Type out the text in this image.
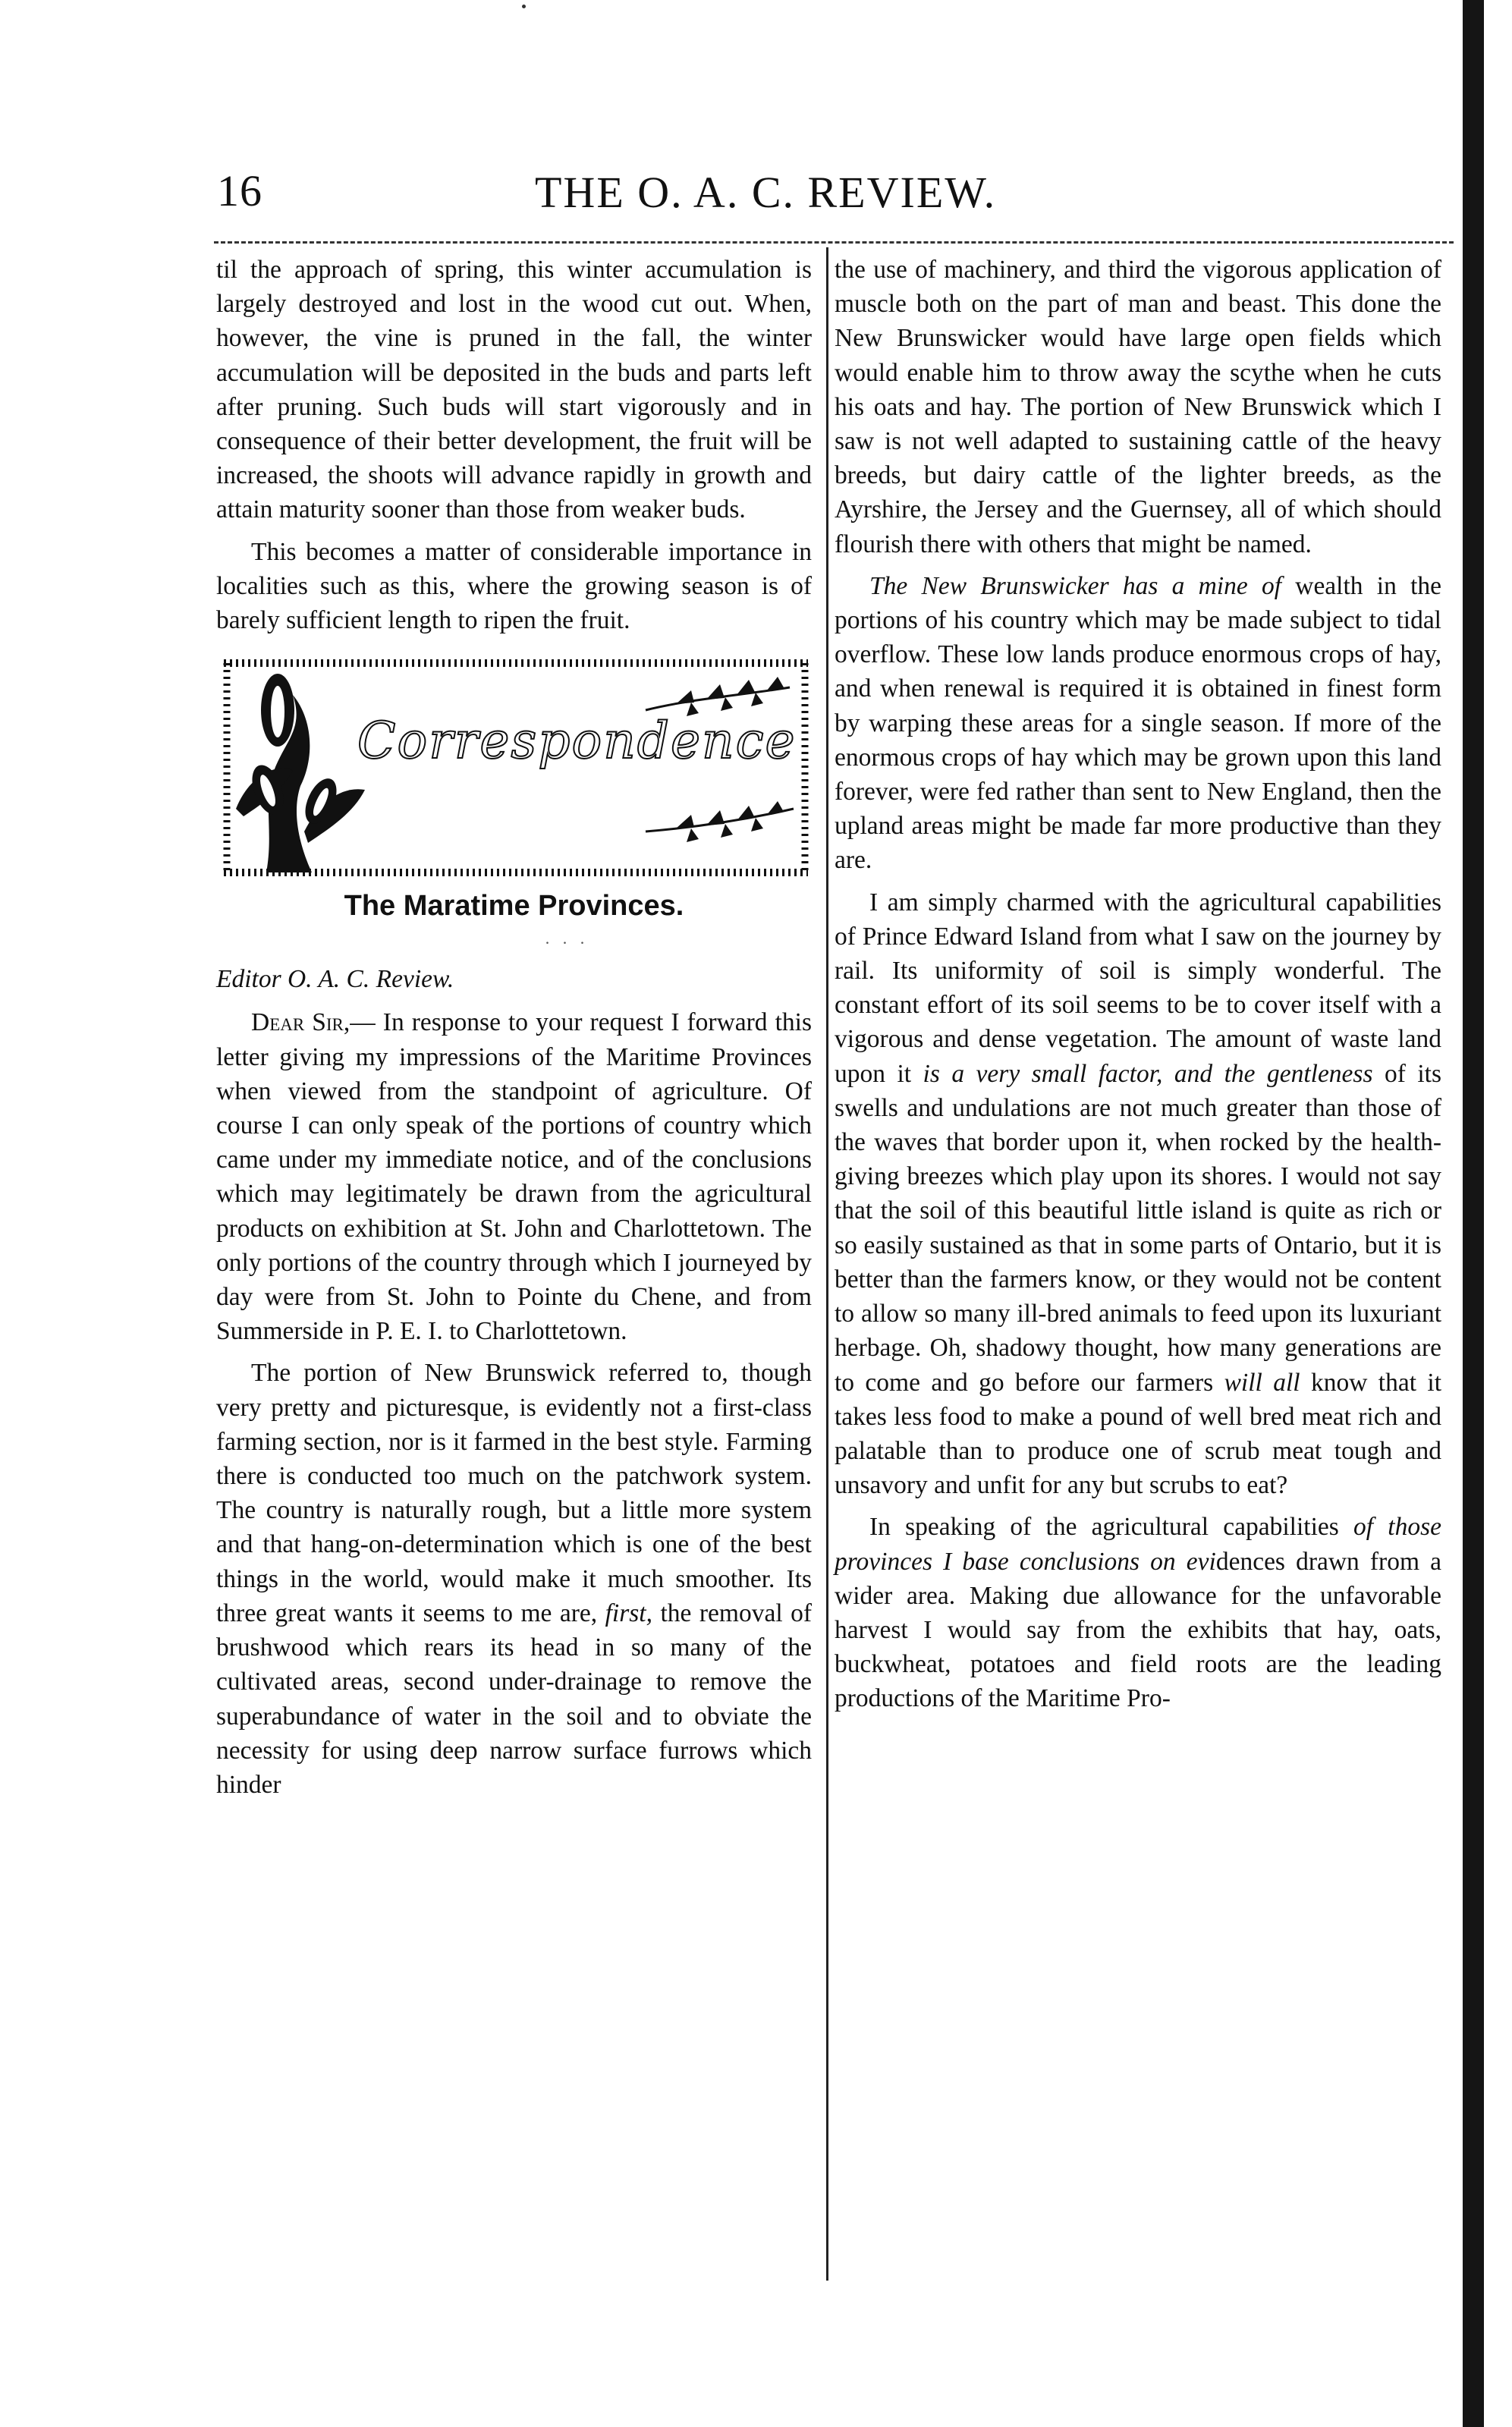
16	THE O. A. C. REVIEW.

til the approach of spring, this winter accumulation is largely destroyed and lost in the wood cut out. When, however, the vine is pruned in the fall, the winter accumulation will be deposited in the buds and parts left after pruning. Such buds will start vigorously and in consequence of their better development, the fruit will be increased, the shoots will advance rapidly in growth and attain maturity sooner than those from weaker buds.

This becomes a matter of considerable importance in localities such as this, where the growing season is of barely sufficient length to ripen the fruit.

Correspondence
The Maratime Provinces.
. . .

Editor O. A. C. Review.

Dear Sir,— In response to your request I forward this letter giving my impressions of the Maritime Provinces when viewed from the standpoint of agriculture. Of course I can only speak of the portions of country which came under my immediate notice, and of the conclusions which may legitimately be drawn from the agricultural products on exhibition at St. John and Charlottetown. The only portions of the country through which I journeyed by day were from St. John to Pointe du Chene, and from Summerside in P. E. I. to Charlottetown.

The portion of New Brunswick referred to, though very pretty and picturesque, is evidently not a first-class farming section, nor is it farmed in the best style. Farming there is conducted too much on the patchwork system. The country is naturally rough, but a little more system and that hang-on-determination which is one of the best things in the world, would make it much smoother. Its three great wants it seems to me are, first, the removal of brushwood which rears its head in so many of the cultivated areas, second under-drainage to remove the superabundance of water in the soil and to obviate the necessity for using deep narrow surface furrows which hinder

the use of machinery, and third the vigorous application of muscle both on the part of man and beast. This done the New Brunswicker would have large open fields which would enable him to throw away the scythe when he cuts his oats and hay. The portion of New Brunswick which I saw is not well adapted to sustaining cattle of the heavy breeds, but dairy cattle of the lighter breeds, as the Ayrshire, the Jersey and the Guernsey, all of which should flourish there with others that might be named.

The New Brunswicker has a mine of wealth in the portions of his country which may be made subject to tidal overflow. These low lands produce enormous crops of hay, and when renewal is required it is obtained in finest form by warping these areas for a single season. If more of the enormous crops of hay which may be grown upon this land forever, were fed rather than sent to New England, then the upland areas might be made far more productive than they are.

I am simply charmed with the agricultural capabilities of Prince Edward Island from what I saw on the journey by rail. Its uniformity of soil is simply wonderful. The constant effort of its soil seems to be to cover itself with a vigorous and dense vegetation. The amount of waste land upon it is a very small factor, and the gentleness of its swells and undulations are not much greater than those of the waves that border upon it, when rocked by the health-giving breezes which play upon its shores. I would not say that the soil of this beautiful little island is quite as rich or so easily sustained as that in some parts of Ontario, but it is better than the farmers know, or they would not be content to allow so many ill-bred animals to feed upon its luxuriant herbage. Oh, shadowy thought, how many generations are to come and go before our farmers will all know that it takes less food to make a pound of well bred meat rich and palatable than to produce one of scrub meat tough and unsavory and unfit for any but scrubs to eat?

In speaking of the agricultural capabilities of those provinces I base conclusions on evidences drawn from a wider area. Making due allowance for the unfavorable harvest I would say from the exhibits that hay, oats, buckwheat, potatoes and field roots are the leading productions of the Maritime Pro-
